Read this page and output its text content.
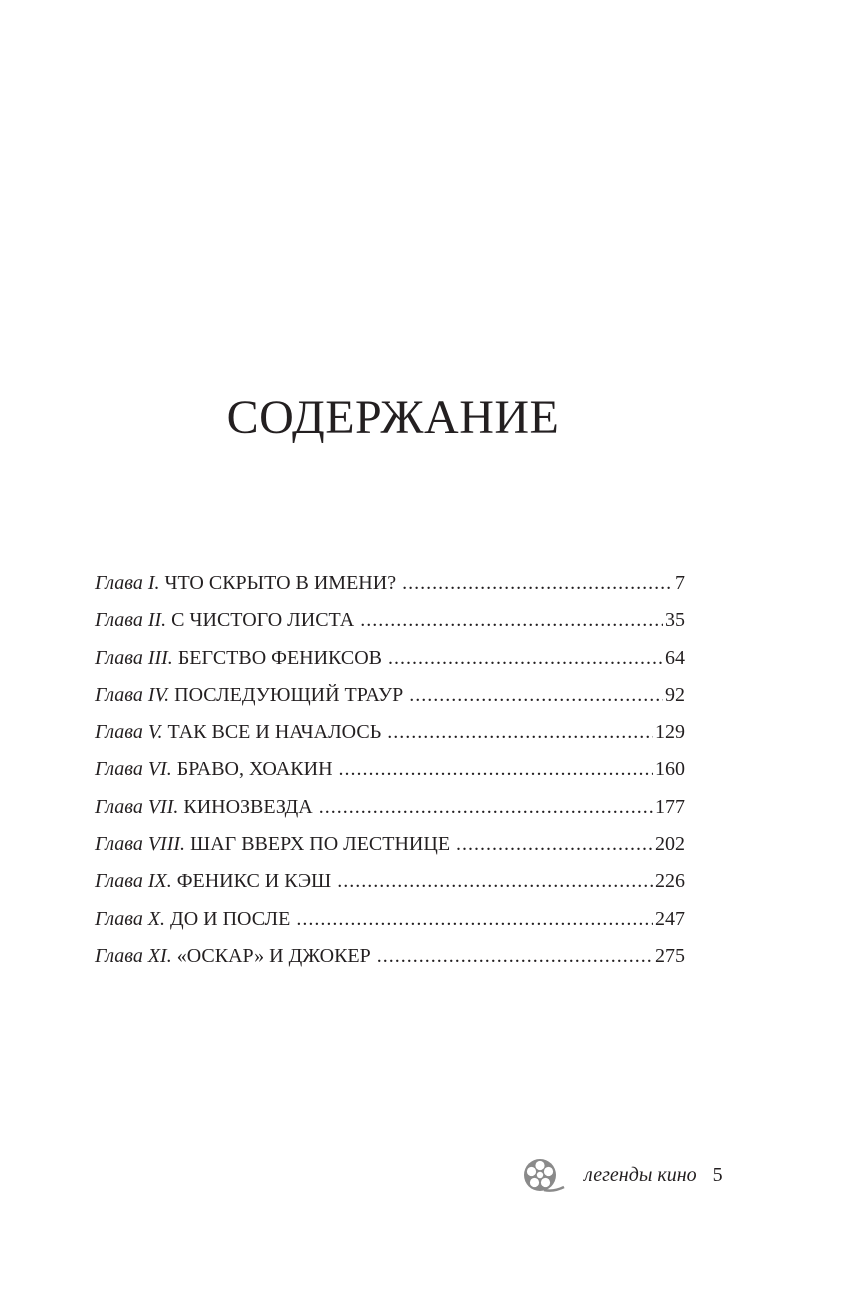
СОДЕРЖАНИЕ
Глава I. ЧТО СКРЫТО В ИМЕНИ? .....	7
Глава II. С ЧИСТОГО ЛИСТА .....	35
Глава III. БЕГСТВО ФЕНИКСОВ .....	64
Глава IV. ПОСЛЕДУЮЩИЙ ТРАУР .....	92
Глава V. ТАК ВСЕ И НАЧАЛОСЬ .....	129
Глава VI. БРАВО, ХОАКИН .....	160
Глава VII. КИНОЗВЕЗДА .....	177
Глава VIII. ШАГ ВВЕРХ ПО ЛЕСТНИЦЕ .....	202
Глава IX. ФЕНИКС И КЭШ .....	226
Глава X. ДО И ПОСЛЕ .....	247
Глава XI. «ОСКАР» И ДЖОКЕР .....	275
легенды кино 5
